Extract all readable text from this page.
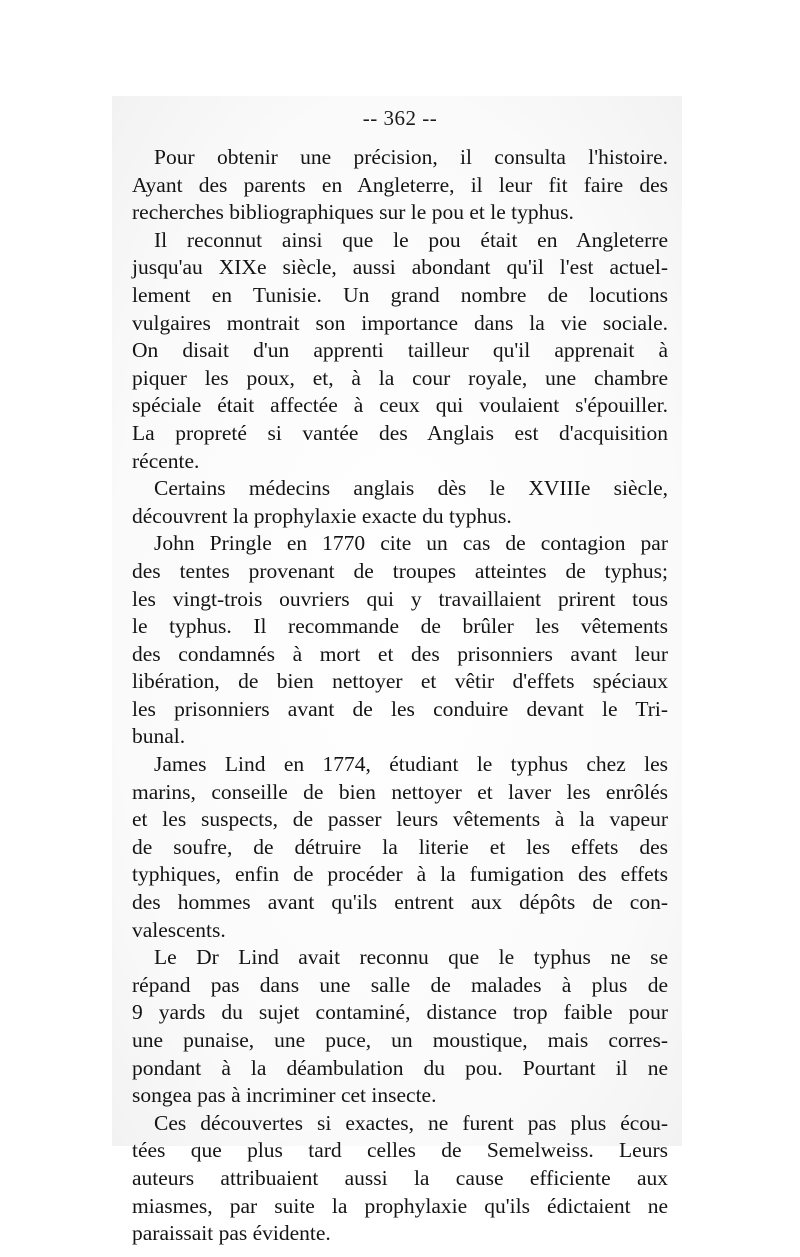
-- 362 --
Pour obtenir une précision, il consulta l'histoire.
Ayant des parents en Angleterre, il leur fit faire des
recherches bibliographiques sur le pou et le typhus.
Il reconnut ainsi que le pou était en Angleterre
jusqu'au XIXe siècle, aussi abondant qu'il l'est actuel-
lement en Tunisie. Un grand nombre de locutions
vulgaires montrait son importance dans la vie sociale.
On disait d'un apprenti tailleur qu'il apprenait à
piquer les poux, et, à la cour royale, une chambre
spéciale était affectée à ceux qui voulaient s'épouiller.
La propreté si vantée des Anglais est d'acquisition
récente.
Certains médecins anglais dès le XVIIIe siècle,
découvrent la prophylaxie exacte du typhus.
John Pringle en 1770 cite un cas de contagion par
des tentes provenant de troupes atteintes de typhus;
les vingt-trois ouvriers qui y travaillaient prirent tous
le typhus. Il recommande de brûler les vêtements
des condamnés à mort et des prisonniers avant leur
libération, de bien nettoyer et vêtir d'effets spéciaux
les prisonniers avant de les conduire devant le Tri-
bunal.
James Lind en 1774, étudiant le typhus chez les
marins, conseille de bien nettoyer et laver les enrôlés
et les suspects, de passer leurs vêtements à la vapeur
de soufre, de détruire la literie et les effets des
typhiques, enfin de procéder à la fumigation des effets
des hommes avant qu'ils entrent aux dépôts de con-
valescents.
Le Dr Lind avait reconnu que le typhus ne se
répand pas dans une salle de malades à plus de
9 yards du sujet contaminé, distance trop faible pour
une punaise, une puce, un moustique, mais corres-
pondant à la déambulation du pou. Pourtant il ne
songea pas à incriminer cet insecte.
Ces découvertes si exactes, ne furent pas plus écou-
tées que plus tard celles de Semelweiss. Leurs
auteurs attribuaient aussi la cause efficiente aux
miasmes, par suite la prophylaxie qu'ils édictaient ne
paraissait pas évidente.
